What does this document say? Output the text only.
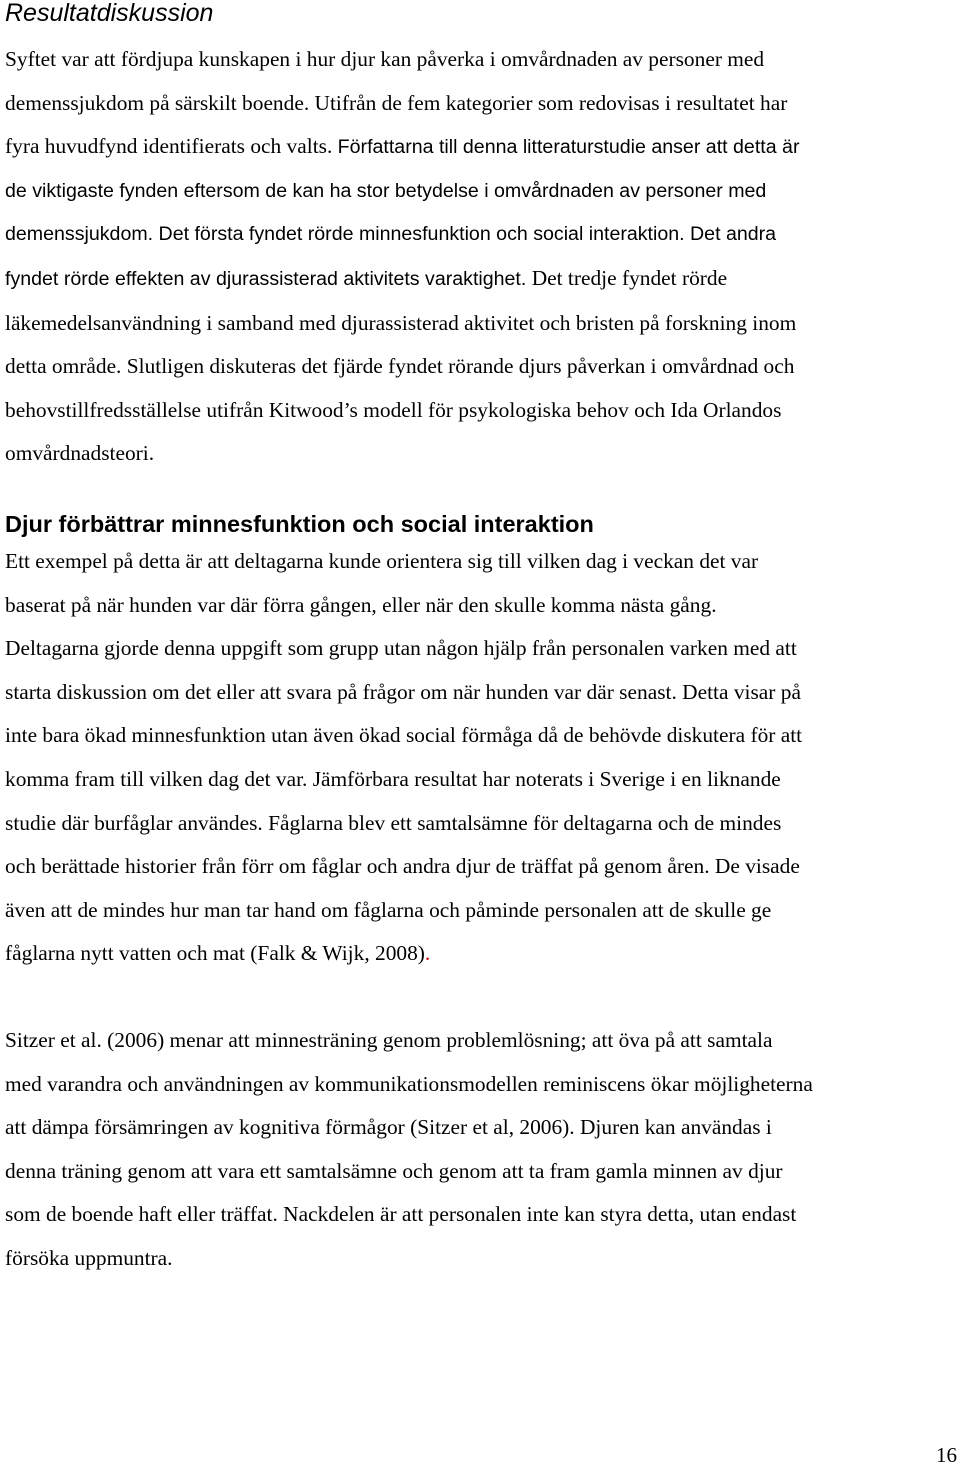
Resultatdiskussion

Syftet var att fördjupa kunskapen i hur djur kan påverka i omvårdnaden av personer med
demenssjukdom på särskilt boende. Utifrån de fem kategorier som redovisas i resultatet har
fyra huvudfynd identifierats och valts. Författarna till denna litteraturstudie anser att detta är
de viktigaste fynden eftersom de kan ha stor betydelse i omvårdnaden av personer med
demenssjukdom. Det första fyndet rörde minnesfunktion och social interaktion. Det andra
fyndet rörde effekten av djurassisterad aktivitets varaktighet. Det tredje fyndet rörde
läkemedelsanvändning i samband med djurassisterad aktivitet och bristen på forskning inom
detta område. Slutligen diskuteras det fjärde fyndet rörande djurs påverkan i omvårdnad och
behovstillfredsställelse utifrån Kitwood’s modell för psykologiska behov och Ida Orlandos
omvårdnadsteori.

Djur förbättrar minnesfunktion och social interaktion

Ett exempel på detta är att deltagarna kunde orientera sig till vilken dag i veckan det var
baserat på när hunden var där förra gången, eller när den skulle komma nästa gång.
Deltagarna gjorde denna uppgift som grupp utan någon hjälp från personalen varken med att
starta diskussion om det eller att svara på frågor om när hunden var där senast. Detta visar på
inte bara ökad minnesfunktion utan även ökad social förmåga då de behövde diskutera för att
komma fram till vilken dag det var. Jämförbara resultat har noterats i Sverige i en liknande
studie där burfåglar användes. Fåglarna blev ett samtalsämne för deltagarna och de mindes
och berättade historier från förr om fåglar och andra djur de träffat på genom åren. De visade
även att de mindes hur man tar hand om fåglarna och påminde personalen att de skulle ge
fåglarna nytt vatten och mat (Falk & Wijk, 2008).

Sitzer et al. (2006) menar att minnesträning genom problemlösning; att öva på att samtala
med varandra och användningen av kommunikationsmodellen reminiscens ökar möjligheterna
att dämpa försämringen av kognitiva förmågor (Sitzer et al, 2006). Djuren kan användas i
denna träning genom att vara ett samtalsämne och genom att ta fram gamla minnen av djur
som de boende haft eller träffat. Nackdelen är att personalen inte kan styra detta, utan endast
försöka uppmuntra.

16
